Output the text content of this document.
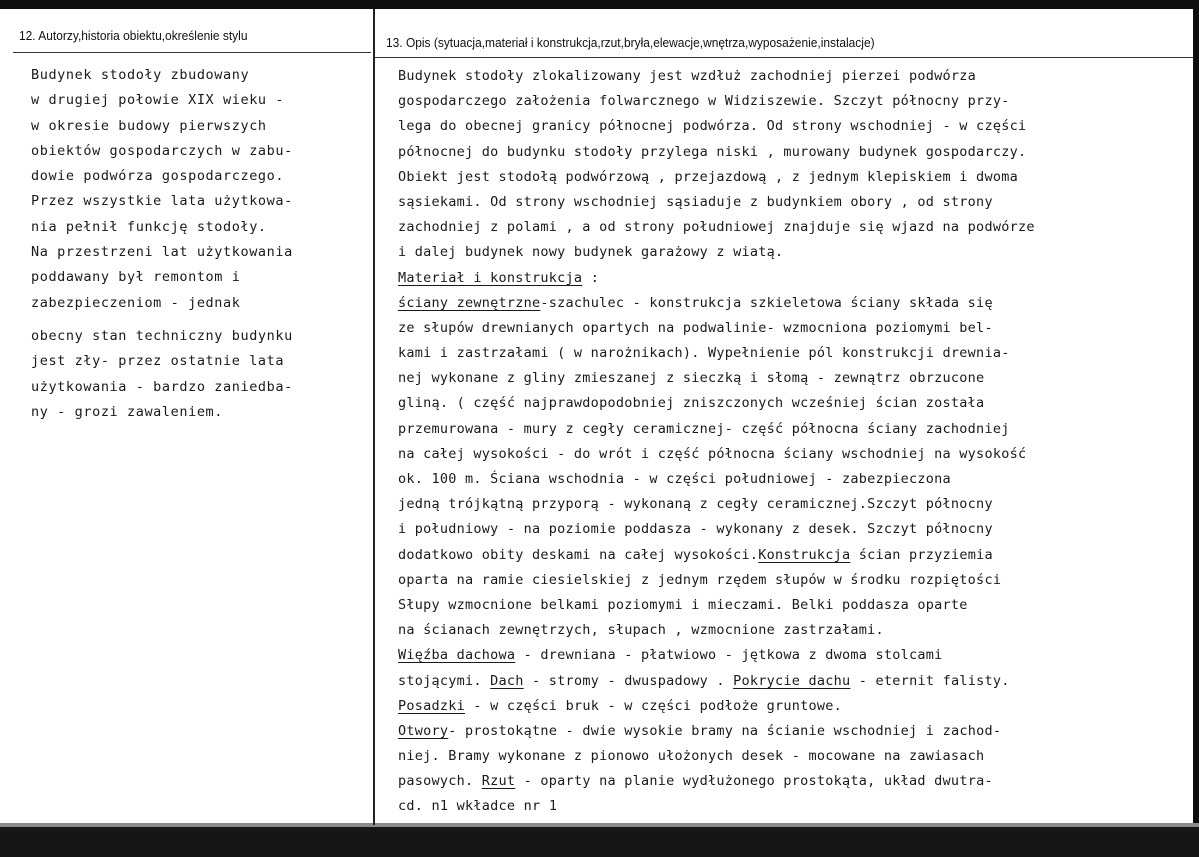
12. Autorzy,historia obiektu,określenie stylu	13. Opis (sytuacja,materiał i konstrukcja,rzut,bryła,elewacje,wnętrza,wyposażenie,instalacje)
Budynek stodoły zbudowany
w drugiej połowie XIX wieku -
w okresie budowy pierwszych
obiektów gospodarczych w zabu-
dowie podwórza gospodarczego.
Przez wszystkie lata użytkowa-
nia pełnił funkcję stodoły.
Na przestrzeni lat użytkowania
poddawany był remontom i
zabezpieczeniom - jednak
obecny stan techniczny budynku
jest zły- przez ostatnie lata
użytkowania - bardzo zaniedba-
ny - grozi zawaleniem.
Budynek stodoły zlokalizowany jest wzdłuż zachodniej pierzei podwórza
gospodarczego założenia folwarcznego w Widziszewie. Szczyt północny przy-
lega do obecnej granicy północnej podwórza. Od strony wschodniej - w części
północnej do budynku stodoły przylega niski , murowany budynek gospodarczy.
Obiekt jest stodołą podwórzową , przejazdową , z jednym klepiskiem i dwoma
sąsiekami. Od strony wschodniej sąsiaduje z budynkiem obory , od strony
zachodniej z polami , a od strony południowej znajduje się wjazd na podwórze
i dalej budynek nowy budynek garażowy z wiatą.
Materiał i konstrukcja :
ściany zewnętrzne-szachulec - konstrukcja szkieletowa ściany składa się
ze słupów drewnianych opartych na podwalinie- wzmocniona poziomymi bel-
kami i zastrzałami ( w narożnikach). Wypełnienie pól konstrukcji drewnia-
nej wykonane z gliny zmieszanej z sieczką i słomą - zewnątrz obrzucone
gliną. ( część najprawdopodobniej zniszczonych wcześniej ścian została
przemurowana - mury z cegły ceramicznej- część północna ściany zachodniej
na całej wysokości - do wrót i część północna ściany wschodniej na wysokość
ok. 100 m. Ściana wschodnia - w części południowej - zabezpieczona
jedną trójkątną przyporą - wykonaną z cegły ceramicznej.Szczyt północny
i południowy - na poziomie poddasza - wykonany z desek. Szczyt północny
dodatkowo obity deskami na całej wysokości.Konstrukcja ścian przyziemia
oparta na ramie ciesielskiej z jednym rzędem słupów w środku rozpiętości
Słupy wzmocnione belkami poziomymi i mieczami. Belki poddasza oparte
na ścianach zewnętrzych, słupach , wzmocnione zastrzałami.
Więźba dachowa - drewniana - płatwiowo - jętkowa z dwoma stolcami
stojącymi. Dach - stromy - dwuspadowy . Pokrycie dachu - eternit falisty.
Posadzki - w części bruk - w części podłoże gruntowe.
Otwory- prostokątne - dwie wysokie bramy na ścianie wschodniej i zachod-
niej. Bramy wykonane z pionowo ułożonych desek - mocowane na zawiasach
pasowych. Rzut - oparty na planie wydłużonego prostokąta, układ dwutra-
cd. n1 wkładce nr 1
